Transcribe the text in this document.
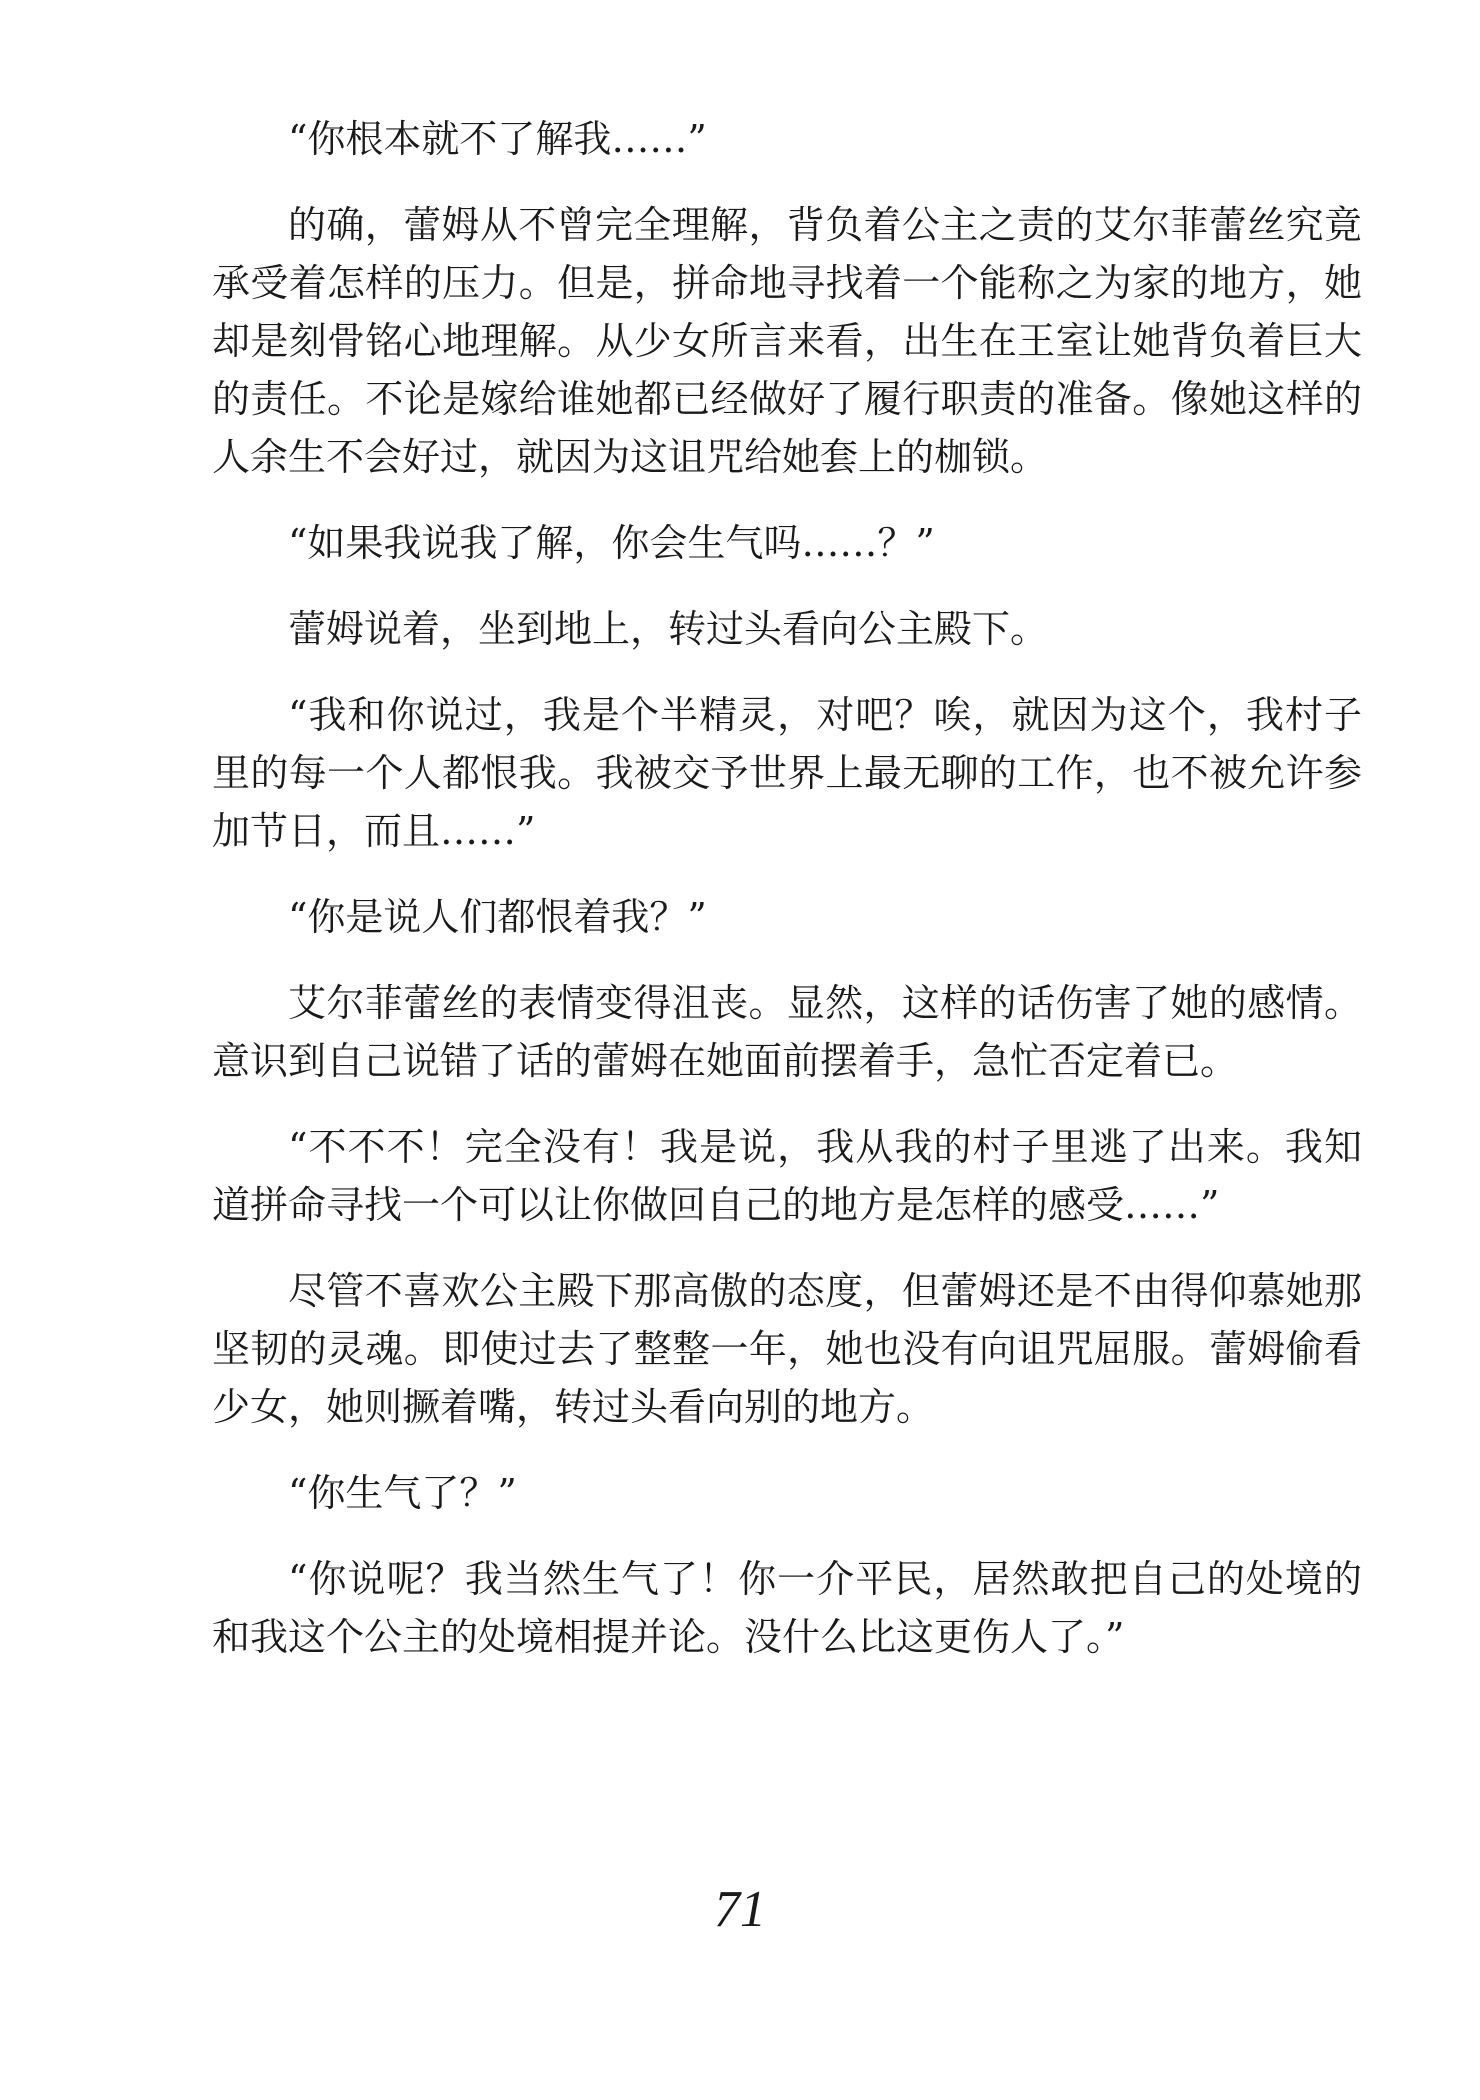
“你根本就不了解我……”

的确，蕾姆从不曾完全理解，背负着公主之责的艾尔菲蕾丝究竟承受着怎样的压力。但是，拼命地寻找着一个能称之为家的地方，她却是刻骨铭心地理解。从少女所言来看，出生在王室让她背负着巨大的责任。不论是嫁给谁她都已经做好了履行职责的准备。像她这样的人余生不会好过，就因为这诅咒给她套上的枷锁。

“如果我说我了解，你会生气吗……？”

蕾姆说着，坐到地上，转过头看向公主殿下。

“我和你说过，我是个半精灵，对吧？唉，就因为这个，我村子里的每一个人都恨我。我被交予世界上最无聊的工作，也不被允许参加节日，而且……”

“你是说人们都恨着我？”

艾尔菲蕾丝的表情变得沮丧。显然，这样的话伤害了她的感情。意识到自己说错了话的蕾姆在她面前摆着手，急忙否定着已。

“不不不！完全没有！我是说，我从我的村子里逃了出来。我知道拼命寻找一个可以让你做回自己的地方是怎样的感受……”

尽管不喜欢公主殿下那高傲的态度，但蕾姆还是不由得仰慕她那坚韧的灵魂。即使过去了整整一年，她也没有向诅咒屈服。蕾姆偷看少女，她则撅着嘴，转过头看向别的地方。

“你生气了？”

“你说呢？我当然生气了！你一介平民，居然敢把自己的处境的和我这个公主的处境相提并论。没什么比这更伤人了。”

71
